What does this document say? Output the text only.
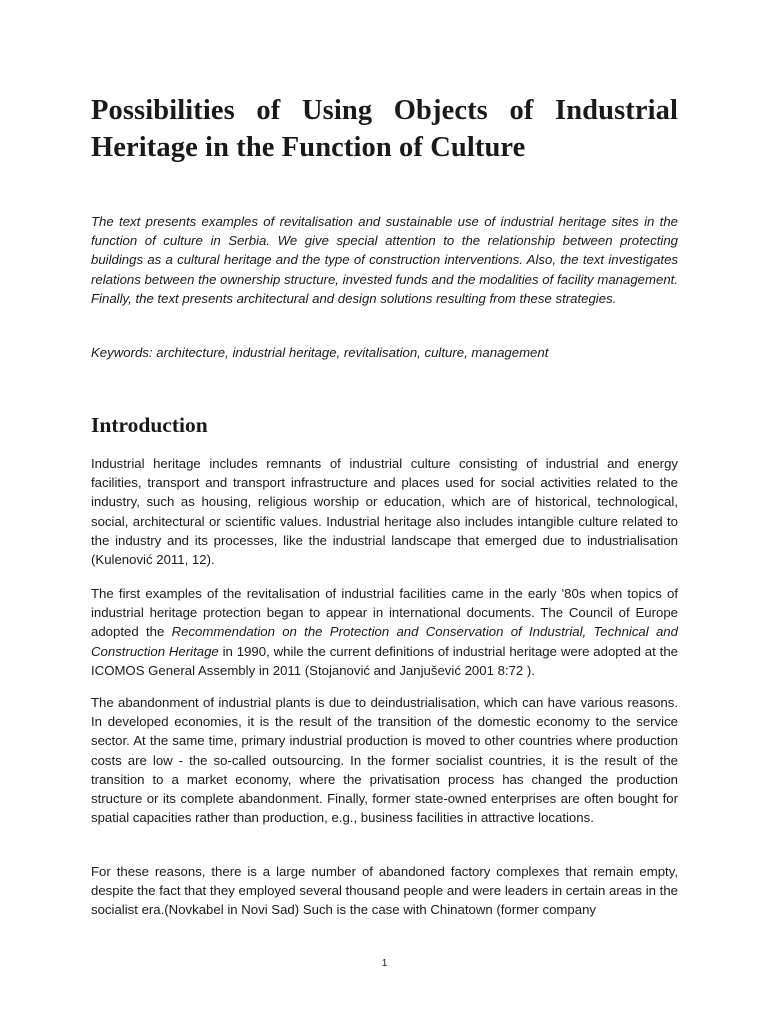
Possibilities of Using Objects of Industrial Heritage in the Function of Culture

The text presents examples of revitalisation and sustainable use of industrial heritage sites in the function of culture in Serbia. We give special attention to the relationship between protecting buildings as a cultural heritage and the type of construction interventions. Also, the text investigates relations between the ownership structure, invested funds and the modalities of facility management. Finally, the text presents architectural and design solutions resulting from these strategies.

Keywords: architecture, industrial heritage, revitalisation, culture, management

Introduction

Industrial heritage includes remnants of industrial culture consisting of industrial and energy facilities, transport and transport infrastructure and places used for social activities related to the industry, such as housing, religious worship or education, which are of historical, technological, social, architectural or scientific values. Industrial heritage also includes intangible culture related to the industry and its processes, like the industrial landscape that emerged due to industrialisation (Kulenović 2011, 12).

The first examples of the revitalisation of industrial facilities came in the early '80s when topics of industrial heritage protection began to appear in international documents. The Council of Europe adopted the Recommendation on the Protection and Conservation of Industrial, Technical and Construction Heritage in 1990, while the current definitions of industrial heritage were adopted at the ICOMOS General Assembly in 2011 (Stojanović and Janjušević 2001 8:72 ).

The abandonment of industrial plants is due to deindustrialisation, which can have various reasons. In developed economies, it is the result of the transition of the domestic economy to the service sector. At the same time, primary industrial production is moved to other countries where production costs are low - the so-called outsourcing. In the former socialist countries, it is the result of the transition to a market economy, where the privatisation process has changed the production structure or its complete abandonment. Finally, former state-owned enterprises are often bought for spatial capacities rather than production, e.g., business facilities in attractive locations.

For these reasons, there is a large number of abandoned factory complexes that remain empty, despite the fact that they employed several thousand people and were leaders in certain areas in the socialist era.(Novkabel in Novi Sad) Such is the case with Chinatown (former company

1
